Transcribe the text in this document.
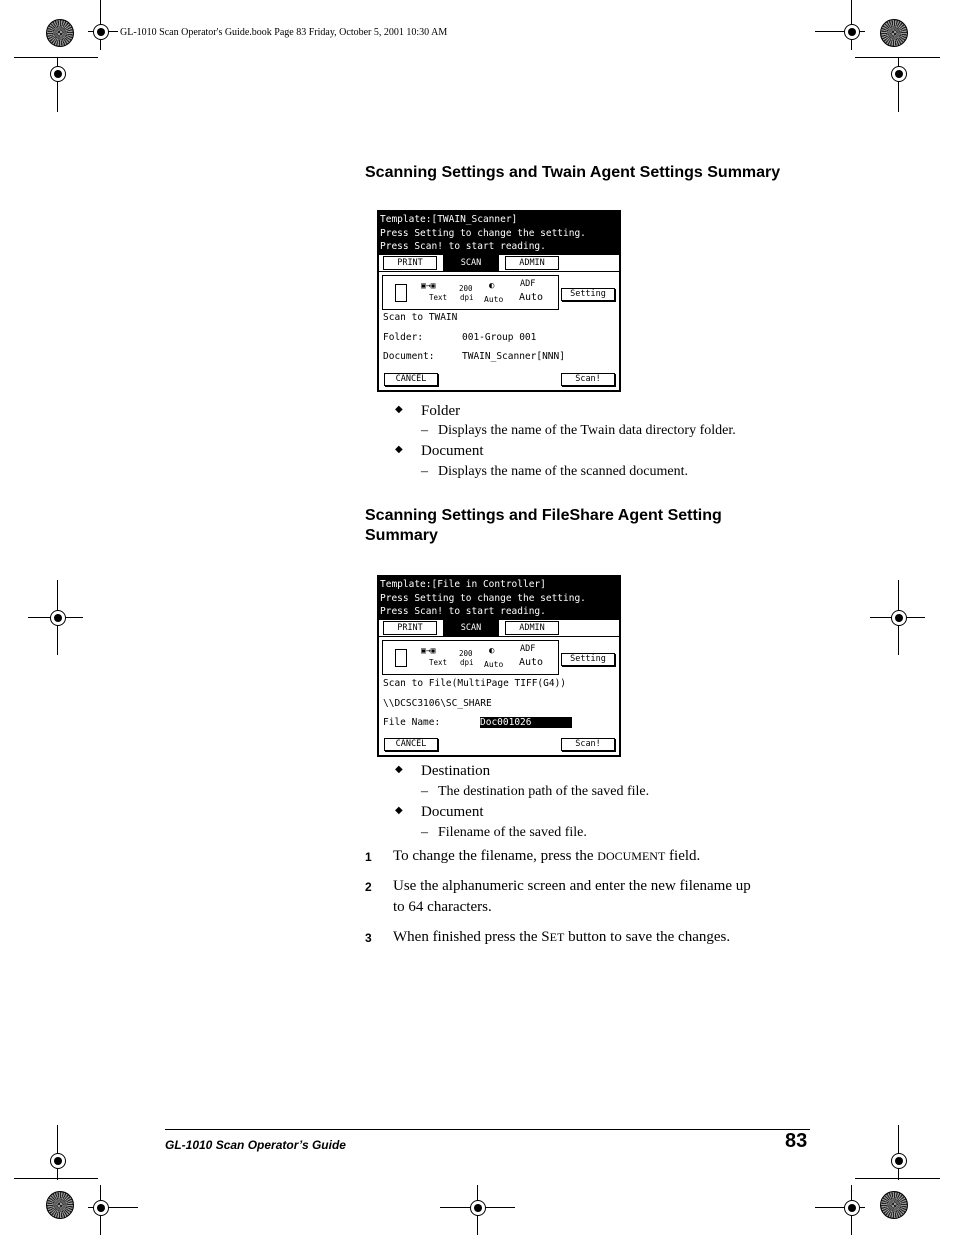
GL-1010 Scan Operator's Guide.book Page 83 Friday, October 5, 2001 10:30 AM
Scanning Settings and Twain Agent Settings Summary
Template:[TWAIN_Scanner]
Press Setting to change the setting.
Press Scan! to start reading.
PRINT	SCAN	ADMIN
▣→▣
Text
200
dpi
◐
Auto
ADF
Auto	Setting
Scan to TWAIN
Folder:	001-Group 001
Document:	TWAIN_Scanner[NNN]
CANCEL	Scan!
◆ Folder
– Displays the name of the Twain data directory folder.
◆ Document
– Displays the name of the scanned document.
Scanning Settings and FileShare Agent Setting
Summary
Template:[File in Controller]
Press Setting to change the setting.
Press Scan! to start reading.
PRINT	SCAN	ADMIN
▣→▣
Text
200
dpi
◐
Auto
ADF
Auto	Setting
Scan to File(MultiPage TIFF(G4))
\\DCSC3106\SC_SHARE
File Name:	Doc001026
CANCEL	Scan!
◆ Destination
– The destination path of the saved file.
◆ Document
– Filename of the saved file.
1 To change the filename, press the DOCUMENT field.
2 Use the alphanumeric screen and enter the new filename up
to 64 characters.
3 When finished press the SET button to save the changes.
GL-1010 Scan Operator’s Guide	83
